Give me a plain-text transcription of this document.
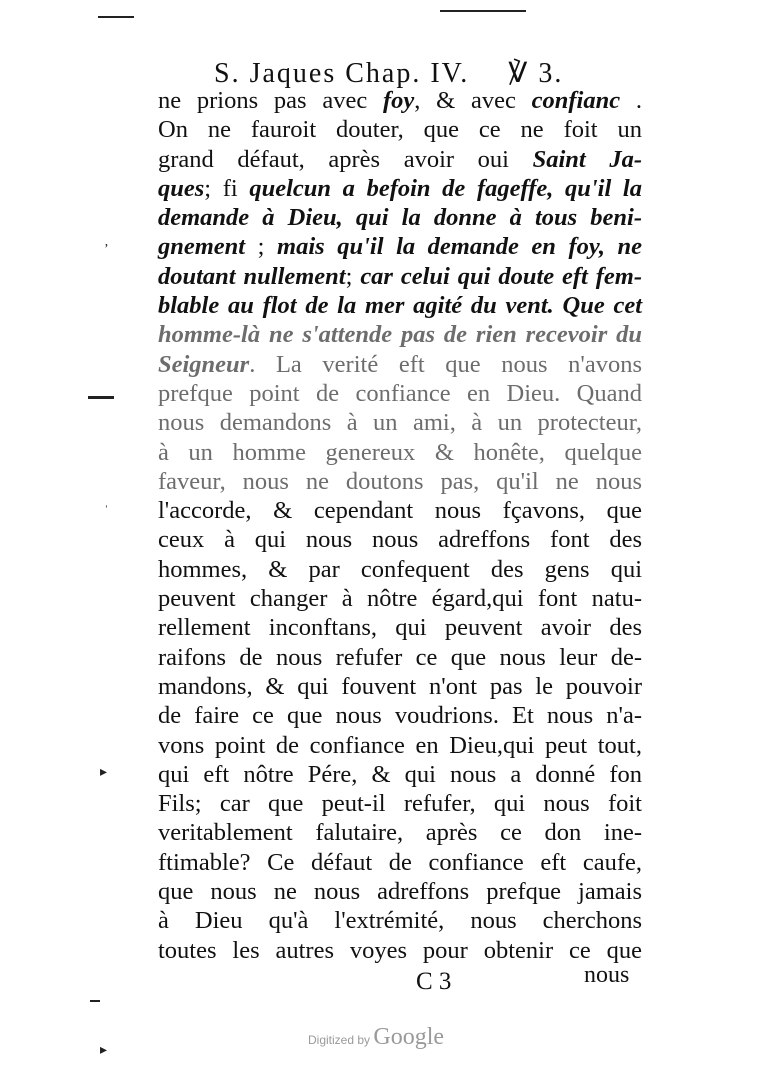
S. Jaques Chap. IV. ℣ 3.
ne prions pas avec foy, & avec confianc .
On ne fauroit douter, que ce ne foit un
grand défaut, après avoir oui Saint Ja-
ques; fi quelcun a befoin de fageffe, qu'il la
demande à Dieu, qui la donne à tous beni-
gnement ; mais qu'il la demande en foy, ne
doutant nullement; car celui qui doute eft fem-
blable au flot de la mer agité du vent. Que cet
homme-là ne s'attende pas de rien recevoir du
Seigneur. La verité eft que nous n'avons
prefque point de confiance en Dieu. Quand
nous demandons à un ami, à un protecteur,
à un homme genereux & honête, quelque
faveur, nous ne doutons pas, qu'il ne nous
l'accorde, & cependant nous fçavons, que
ceux à qui nous nous adreffons font des
hommes, & par confequent des gens qui
peuvent changer à nôtre égard,qui font natu-
rellement inconftans, qui peuvent avoir des
raifons de nous refufer ce que nous leur de-
mandons, & qui fouvent n'ont pas le pouvoir
de faire ce que nous voudrions. Et nous n'a-
vons point de confiance en Dieu,qui peut tout,
qui eft nôtre Pére, & qui nous a donné fon
Fils; car que peut-il refufer, qui nous foit
veritablement falutaire, après ce don ine-
ftimable? Ce défaut de confiance eft caufe,
que nous ne nous adreffons prefque jamais
à Dieu qu'à l'extrémité, nous cherchons
toutes les autres voyes pour obtenir ce que
C 3	nous
ʼ
ˈ
▸
▸
Digitized by Google
